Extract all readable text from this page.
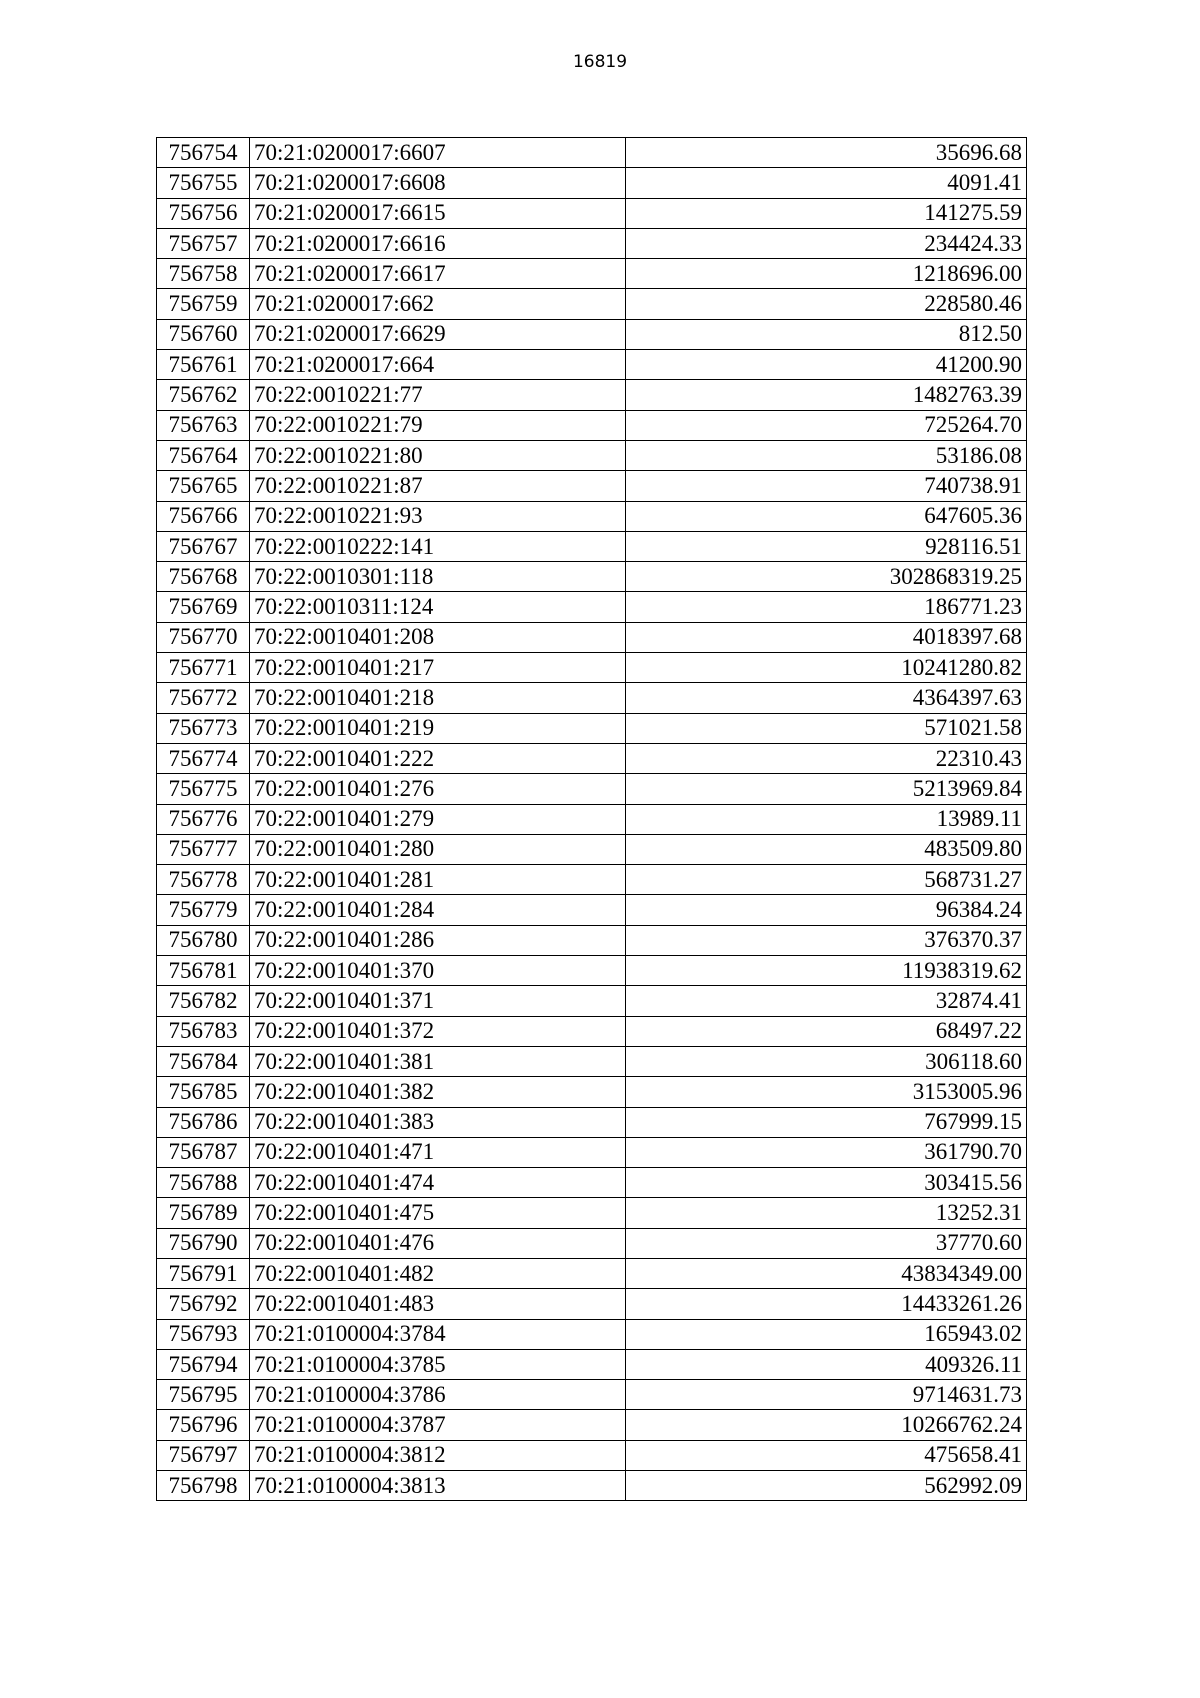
16819
756754	70:21:0200017:6607	35696.68
756755	70:21:0200017:6608	4091.41
756756	70:21:0200017:6615	141275.59
756757	70:21:0200017:6616	234424.33
756758	70:21:0200017:6617	1218696.00
756759	70:21:0200017:662	228580.46
756760	70:21:0200017:6629	812.50
756761	70:21:0200017:664	41200.90
756762	70:22:0010221:77	1482763.39
756763	70:22:0010221:79	725264.70
756764	70:22:0010221:80	53186.08
756765	70:22:0010221:87	740738.91
756766	70:22:0010221:93	647605.36
756767	70:22:0010222:141	928116.51
756768	70:22:0010301:118	302868319.25
756769	70:22:0010311:124	186771.23
756770	70:22:0010401:208	4018397.68
756771	70:22:0010401:217	10241280.82
756772	70:22:0010401:218	4364397.63
756773	70:22:0010401:219	571021.58
756774	70:22:0010401:222	22310.43
756775	70:22:0010401:276	5213969.84
756776	70:22:0010401:279	13989.11
756777	70:22:0010401:280	483509.80
756778	70:22:0010401:281	568731.27
756779	70:22:0010401:284	96384.24
756780	70:22:0010401:286	376370.37
756781	70:22:0010401:370	11938319.62
756782	70:22:0010401:371	32874.41
756783	70:22:0010401:372	68497.22
756784	70:22:0010401:381	306118.60
756785	70:22:0010401:382	3153005.96
756786	70:22:0010401:383	767999.15
756787	70:22:0010401:471	361790.70
756788	70:22:0010401:474	303415.56
756789	70:22:0010401:475	13252.31
756790	70:22:0010401:476	37770.60
756791	70:22:0010401:482	43834349.00
756792	70:22:0010401:483	14433261.26
756793	70:21:0100004:3784	165943.02
756794	70:21:0100004:3785	409326.11
756795	70:21:0100004:3786	9714631.73
756796	70:21:0100004:3787	10266762.24
756797	70:21:0100004:3812	475658.41
756798	70:21:0100004:3813	562992.09
